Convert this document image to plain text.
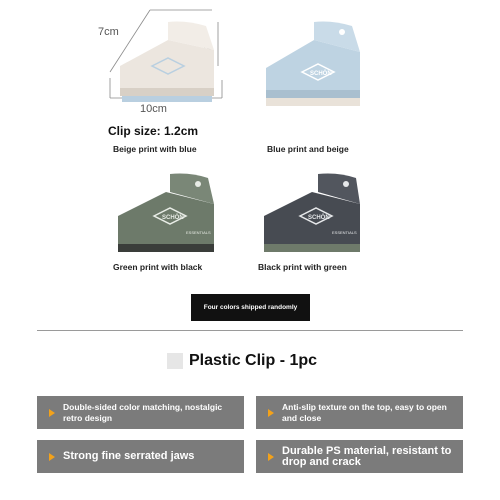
7cm
10cm
SCHÖN
Clip size: 1.2cm
Beige print with blue	Blue print and beige
SCHÖN
ESSENTIALS
SCHÖN
ESSENTIALS
Green print with black	Black print with green
Four colors shipped randomly
Plastic Clip - 1pc
Double-sided color matching, nostalgic retro design
Anti-slip texture on the top, easy to open and close
Strong fine serrated jaws	Durable PS material, resistant to drop and crack
